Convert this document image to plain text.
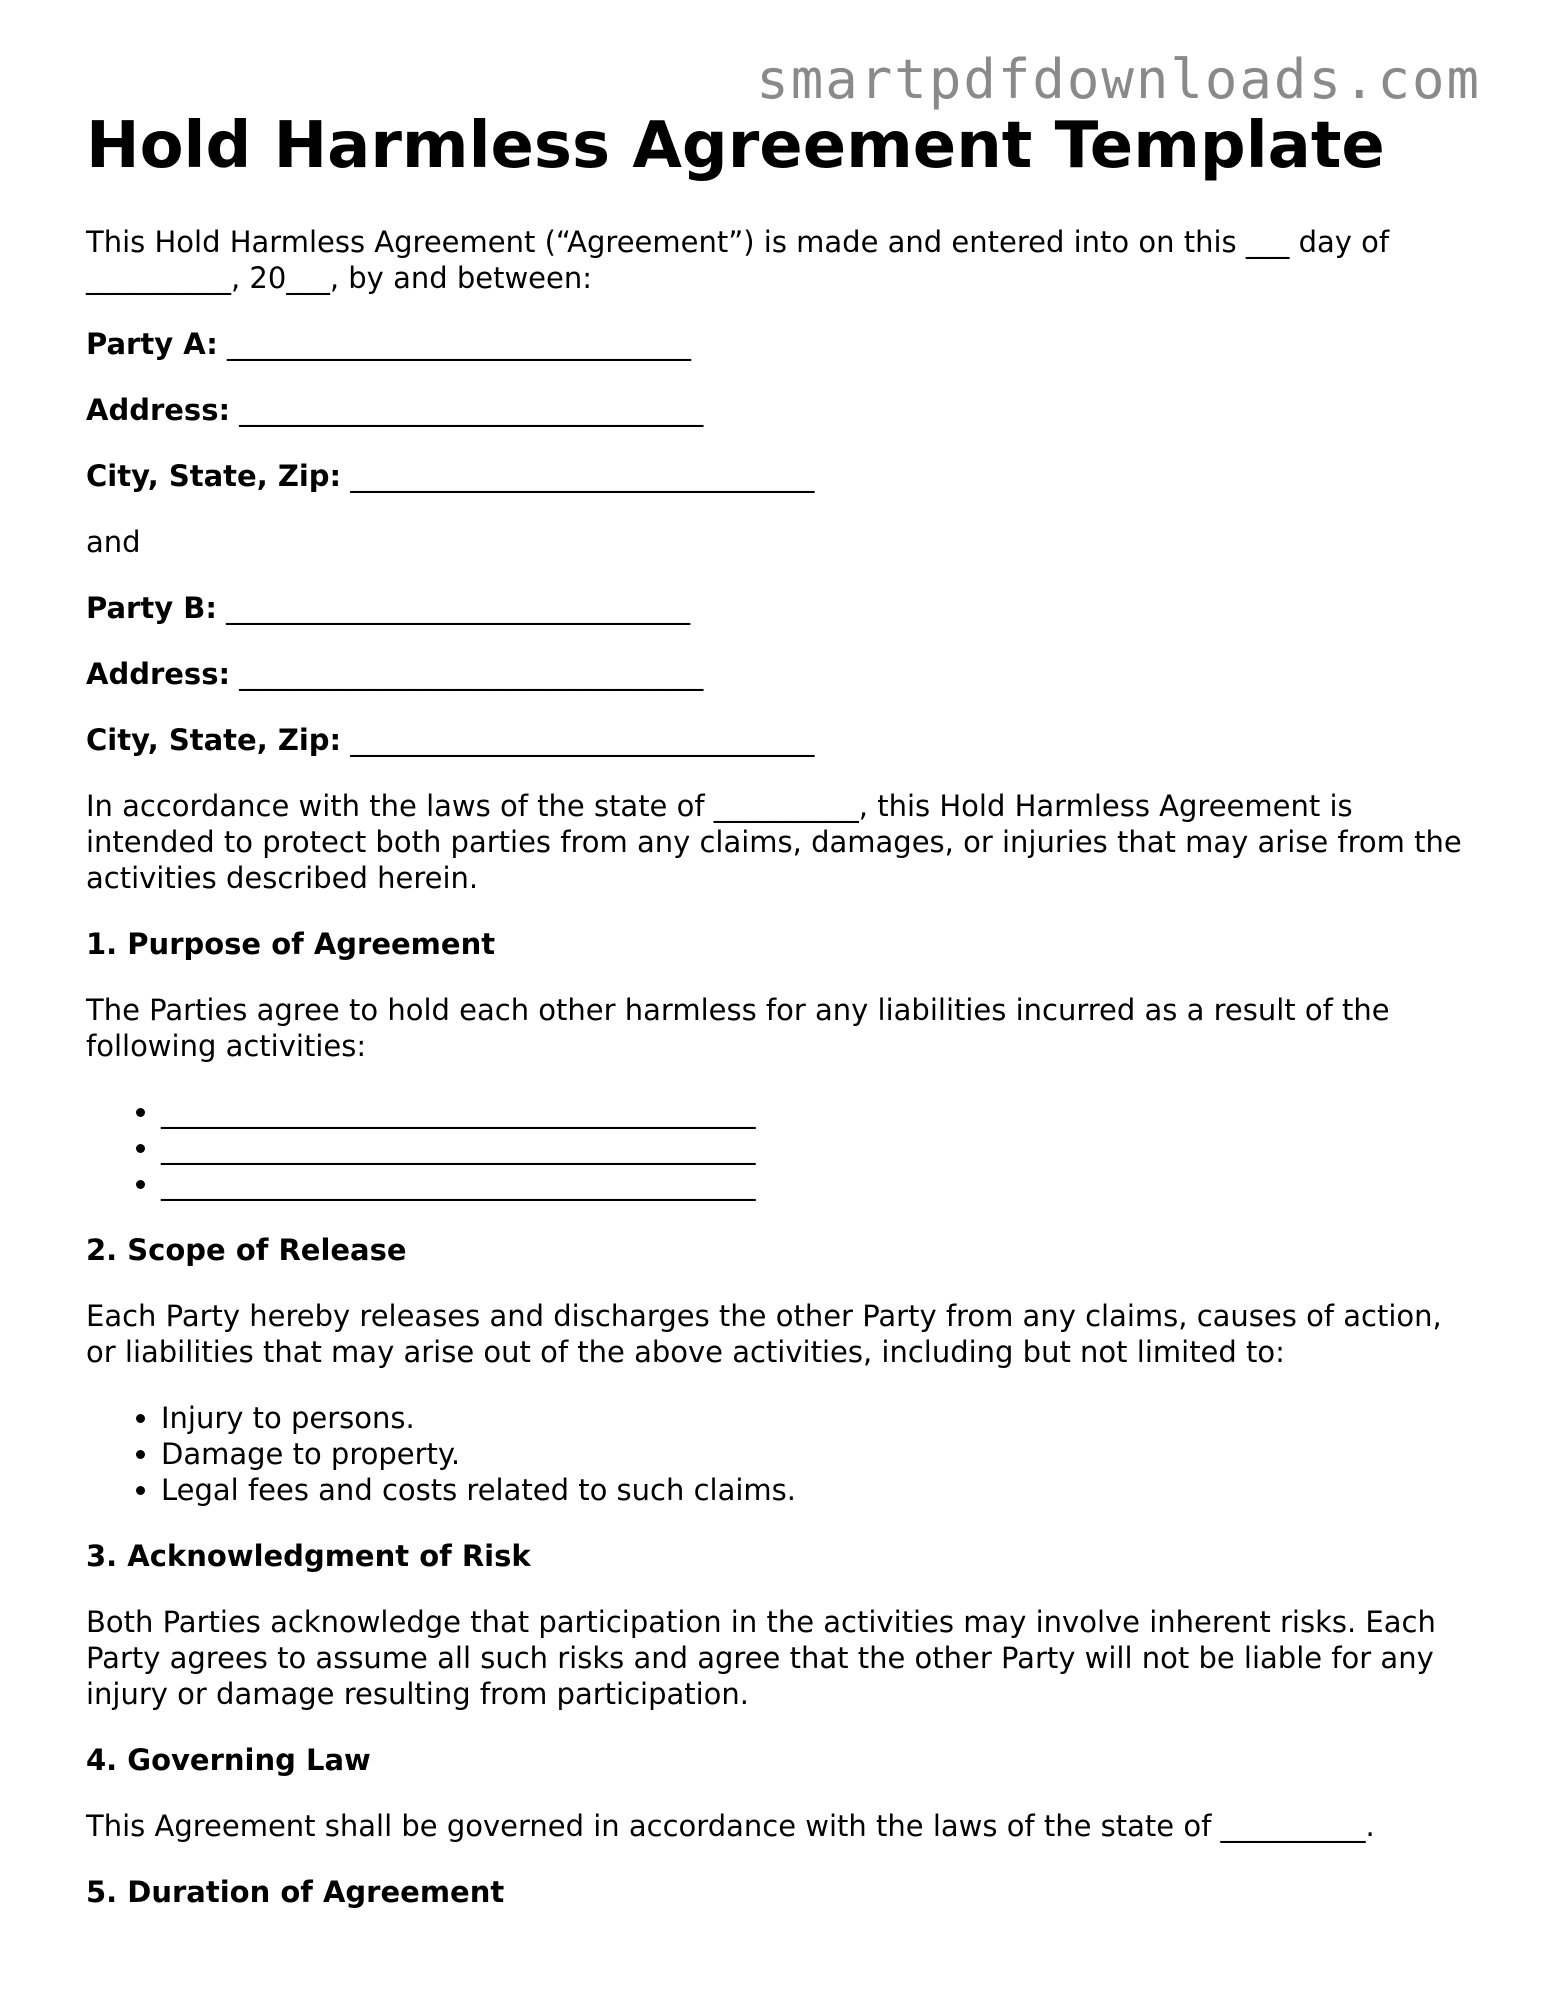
smartpdfdownloads.com
Hold Harmless Agreement Template

This Hold Harmless Agreement (“Agreement”) is made and entered into on this ___ day of __________, 20___, by and between:

Party A: ________________________________

Address: ________________________________

City, State, Zip: ________________________________

and

Party B: ________________________________

Address: ________________________________

City, State, Zip: ________________________________

In accordance with the laws of the state of __________, this Hold Harmless Agreement is intended to protect both parties from any claims, damages, or injuries that may arise from the activities described herein.

1. Purpose of Agreement

The Parties agree to hold each other harmless for any liabilities incurred as a result of the following activities:

• _________________________________________
• _________________________________________
• _________________________________________
2. Scope of Release

Each Party hereby releases and discharges the other Party from any claims, causes of action, or liabilities that may arise out of the above activities, including but not limited to:

• Injury to persons.
• Damage to property.
• Legal fees and costs related to such claims.
3. Acknowledgment of Risk

Both Parties acknowledge that participation in the activities may involve inherent risks. Each Party agrees to assume all such risks and agree that the other Party will not be liable for any injury or damage resulting from participation.

4. Governing Law

This Agreement shall be governed in accordance with the laws of the state of __________.

5. Duration of Agreement
